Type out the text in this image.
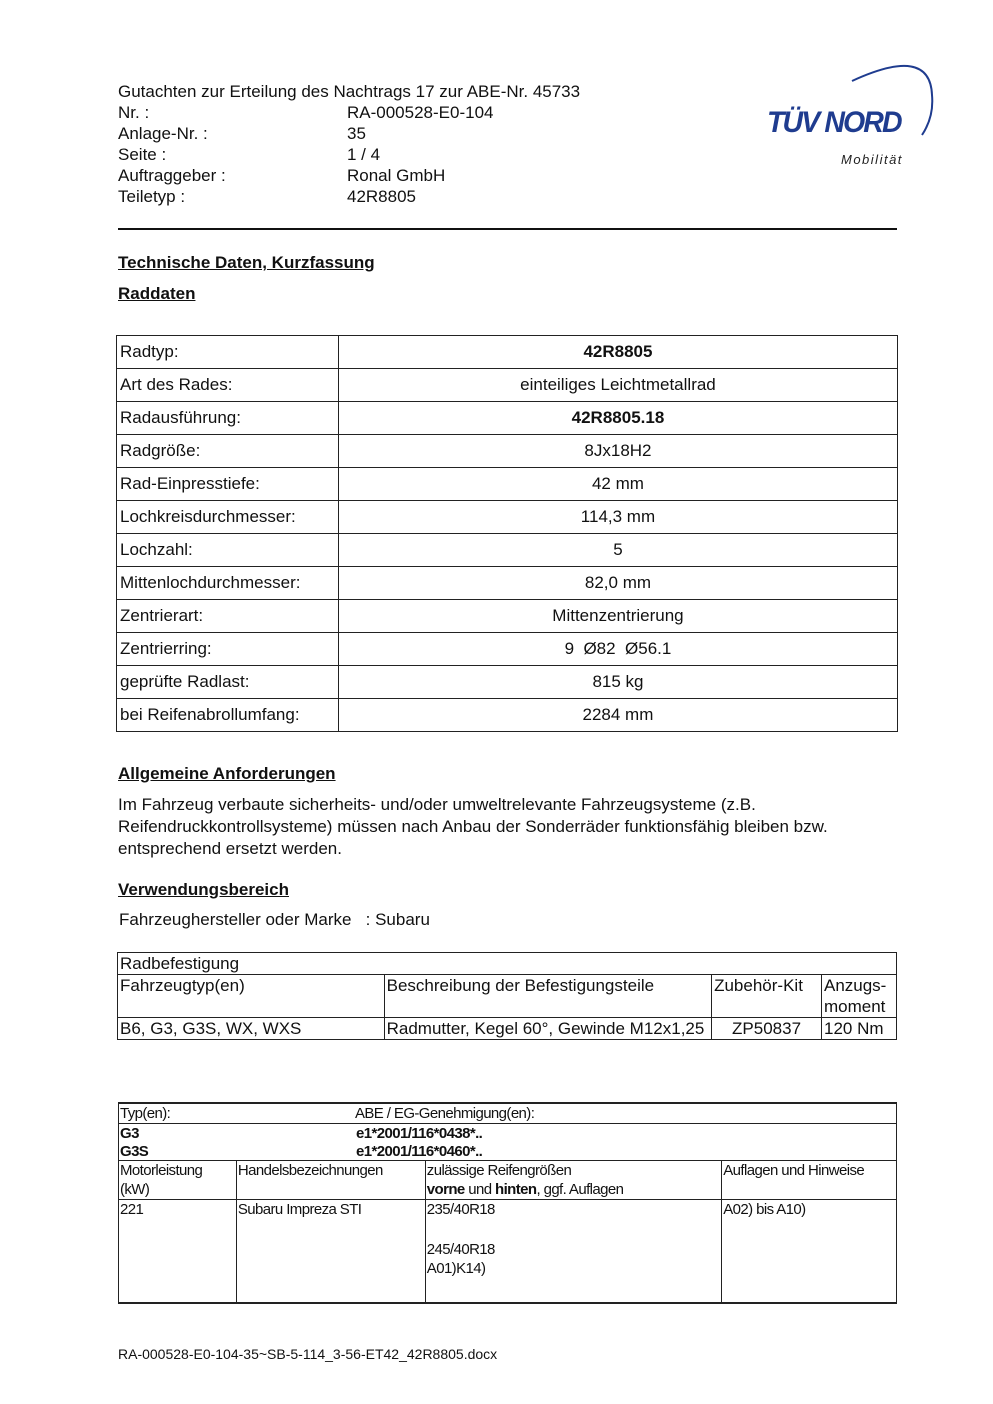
Gutachten zur Erteilung des Nachtrags 17 zur ABE-Nr. 45733
Nr. :	RA-000528-E0-104
Anlage-Nr. :	35
Seite :	1 / 4
Auftraggeber :	Ronal GmbH
Teiletyp :	42R8805
TÜV NORD
Mobilität
Technische Daten, Kurzfassung
Raddaten
Radtyp:	42R8805
Art des Rades:	einteiliges Leichtmetallrad
Radausführung:	42R8805.18
Radgröße:	8Jx18H2
Rad-Einpresstiefe:	42 mm
Lochkreisdurchmesser:	114,3 mm
Lochzahl:	5
Mittenlochdurchmesser:	82,0 mm
Zentrierart:	Mittenzentrierung
Zentrierring:	9  Ø82  Ø56.1
geprüfte Radlast:	815 kg
bei Reifenabrollumfang:	2284 mm
Allgemeine Anforderungen
Im Fahrzeug verbaute sicherheits- und/oder umweltrelevante Fahrzeugsysteme (z.B. Reifendruckkontrollsysteme) müssen nach Anbau der Sonderräder funktionsfähig bleiben bzw. entsprechend ersetzt werden.
Verwendungsbereich
Fahrzeughersteller oder Marke : Subaru
Radbefestigung			
Fahrzeugtyp(en)	Beschreibung der Befestigungsteile	Zubehör-Kit	Anzugs-moment
B6, G3, G3S, WX, WXS	Radmutter, Kegel 60°, Gewinde M12x1,25	ZP50837	120 Nm
Typ(en): ABE / EG-Genehmigung(en):			

G3 e1*2001/116*0438*..
G3S e1*2001/116*0460*..			

Motorleistung (kW)	Handelsbezeichnungen	zulässige Reifengrößen
vorne und hinten, ggf. Auflagen	Auflagen und Hinweise
221	Subaru Impreza STI	235/40R18
245/40R18
A01)K14)	A02) bis A10)
RA-000528-E0-104-35~SB-5-114_3-56-ET42_42R8805.docx
